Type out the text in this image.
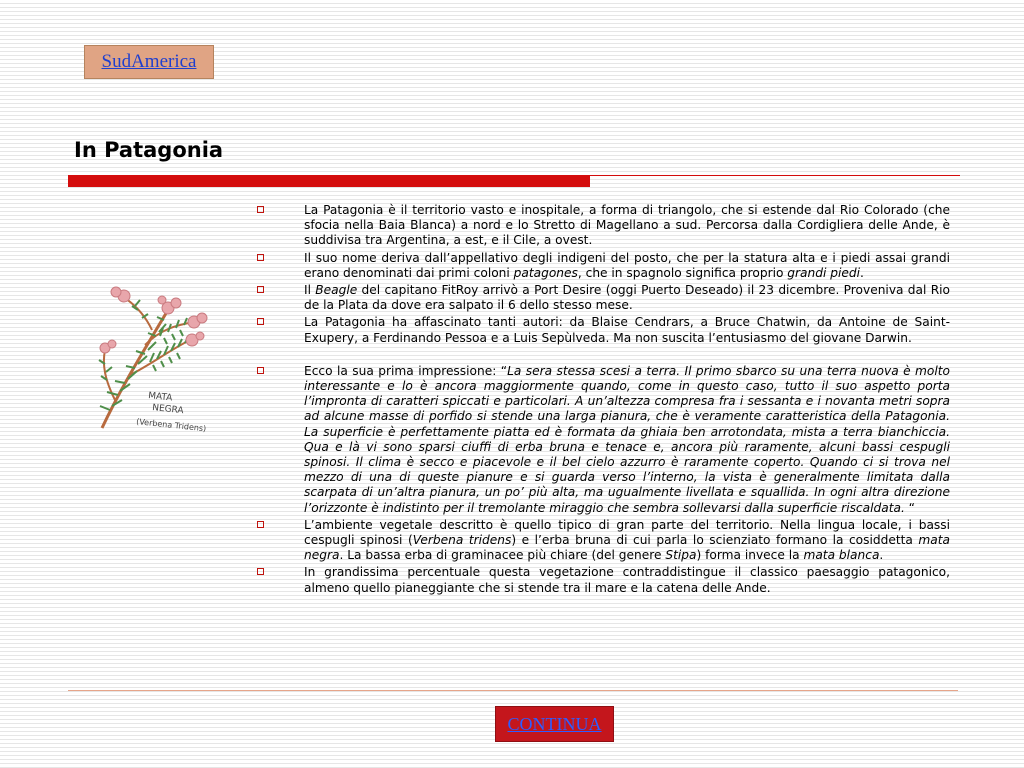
SudAmerica
In Patagonia
MATA
NEGRA
(Verbena Tridens)
La Patagonia è il territorio vasto e inospitale, a forma di triangolo, che si estende dal Rio Colorado (che sfocia nella Baia Blanca) a nord e lo Stretto di Magellano a sud. Percorsa dalla Cordigliera delle Ande, è suddivisa tra Argentina, a est, e il Cile, a ovest.
Il suo nome deriva dall’appellativo degli indigeni del posto, che per la statura alta e i piedi assai grandi erano denominati dai primi coloni patagones, che in spagnolo significa proprio grandi piedi.
Il Beagle del capitano FitRoy arrivò a Port Desire (oggi Puerto Deseado) il 23 dicembre. Proveniva dal Rio de la Plata da dove era salpato il 6 dello stesso mese.
La Patagonia ha affascinato tanti autori: da Blaise Cendrars, a Bruce Chatwin, da Antoine de Saint-Exupery, a Ferdinando Pessoa e a Luis Sepùlveda. Ma non suscita l’entusiasmo del giovane Darwin.
Ecco la sua prima impressione: “La sera stessa scesi a terra. Il primo sbarco su una terra nuova è molto interessante e lo è ancora maggiormente quando, come in questo caso, tutto il suo aspetto porta l’impronta di caratteri spiccati e particolari. A un’altezza compresa fra i sessanta e i novanta metri sopra ad alcune masse di porfido si stende una larga pianura, che è veramente caratteristica della Patagonia. La superficie è perfettamente piatta ed è formata da ghiaia ben arrotondata, mista a terra bianchiccia. Qua e là vi sono sparsi ciuffi di erba bruna e tenace e, ancora più raramente, alcuni bassi cespugli spinosi. Il clima è secco e piacevole e il bel cielo azzurro è raramente coperto. Quando ci si trova nel mezzo di una di queste pianure e si guarda verso l’interno, la vista è generalmente limitata dalla scarpata di un’altra pianura, un po’ più alta, ma ugualmente livellata e squallida. In ogni altra direzione l’orizzonte è indistinto per il tremolante miraggio che sembra sollevarsi dalla superficie riscaldata. “
L’ambiente vegetale descritto è quello tipico di gran parte del territorio. Nella lingua locale, i bassi cespugli spinosi (Verbena tridens) e l’erba bruna di cui parla lo scienziato formano la cosiddetta mata negra. La bassa erba di graminacee più chiare (del genere Stipa) forma invece la mata blanca.
In grandissima percentuale questa vegetazione contraddistingue il classico paesaggio patagonico, almeno quello pianeggiante che si stende tra il mare e la catena delle Ande.
CONTINUA
